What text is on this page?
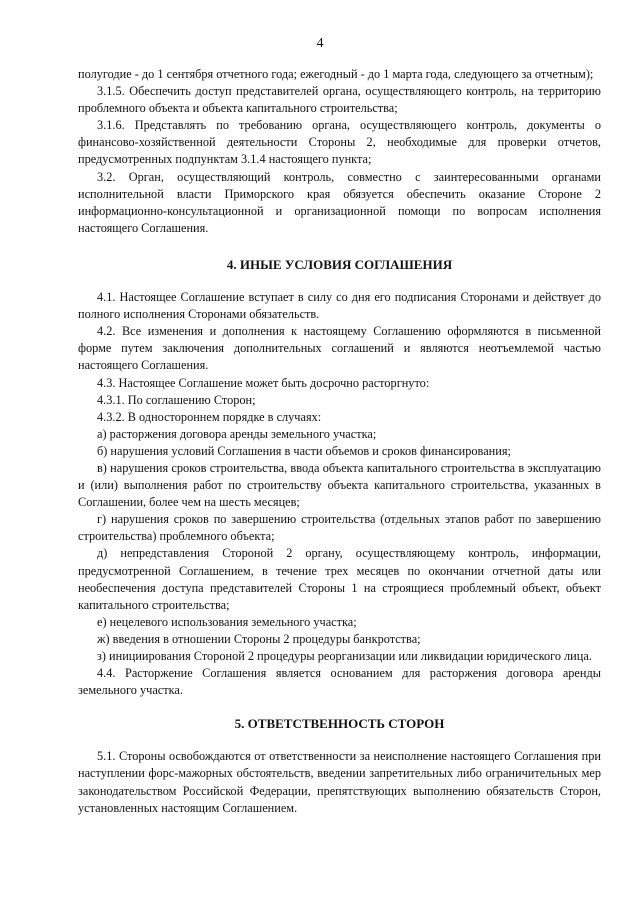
4

полугодие - до 1 сентября отчетного года; ежегодный - до 1 марта года, следующего за отчетным);

3.1.5. Обеспечить доступ представителей органа, осуществляющего контроль, на территорию проблемного объекта и объекта капитального строительства;

3.1.6. Представлять по требованию органа, осуществляющего контроль, документы о финансово-хозяйственной деятельности Стороны 2, необходимые для проверки отчетов, предусмотренных подпунктам 3.1.4 настоящего пункта;

3.2. Орган, осуществляющий контроль, совместно с заинтересованными органами исполнительной власти Приморского края обязуется обеспечить оказание Стороне 2 информационно-консультационной и организационной помощи по вопросам исполнения настоящего Соглашения.

4. ИНЫЕ УСЛОВИЯ СОГЛАШЕНИЯ

4.1. Настоящее Соглашение вступает в силу со дня его подписания Сторонами и действует до полного исполнения Сторонами обязательств.

4.2. Все изменения и дополнения к настоящему Соглашению оформляются в письменной форме путем заключения дополнительных соглашений и являются неотъемлемой частью настоящего Соглашения.

4.3. Настоящее Соглашение может быть досрочно расторгнуто:

4.3.1. По соглашению Сторон;

4.3.2. В одностороннем порядке в случаях:

а) расторжения договора аренды земельного участка;

б) нарушения условий Соглашения в части объемов и сроков финансирования;

в) нарушения сроков строительства, ввода объекта капитального строительства в эксплуатацию и (или) выполнения работ по строительству объекта капитального строительства, указанных в Соглашении, более чем на шесть месяцев;

г) нарушения сроков по завершению строительства (отдельных этапов работ по завершению строительства) проблемного объекта;

д) непредставления Стороной 2 органу, осуществляющему контроль, информации, предусмотренной Соглашением, в течение трех месяцев по окончании отчетной даты или необеспечения доступа представителей Стороны 1 на строящиеся проблемный объект, объект капитального строительства;

е) нецелевого использования земельного участка;

ж) введения в отношении Стороны 2 процедуры банкротства;

з) инициирования Стороной 2 процедуры реорганизации или ликвидации юридического лица.

4.4. Расторжение Соглашения является основанием для расторжения договора аренды земельного участка.

5. ОТВЕТСТВЕННОСТЬ СТОРОН

5.1. Стороны освобождаются от ответственности за неисполнение настоящего Соглашения при наступлении форс-мажорных обстоятельств, введении запретительных либо ограничительных мер законодательством Российской Федерации, препятствующих выполнению обязательств Сторон, установленных настоящим Соглашением.
